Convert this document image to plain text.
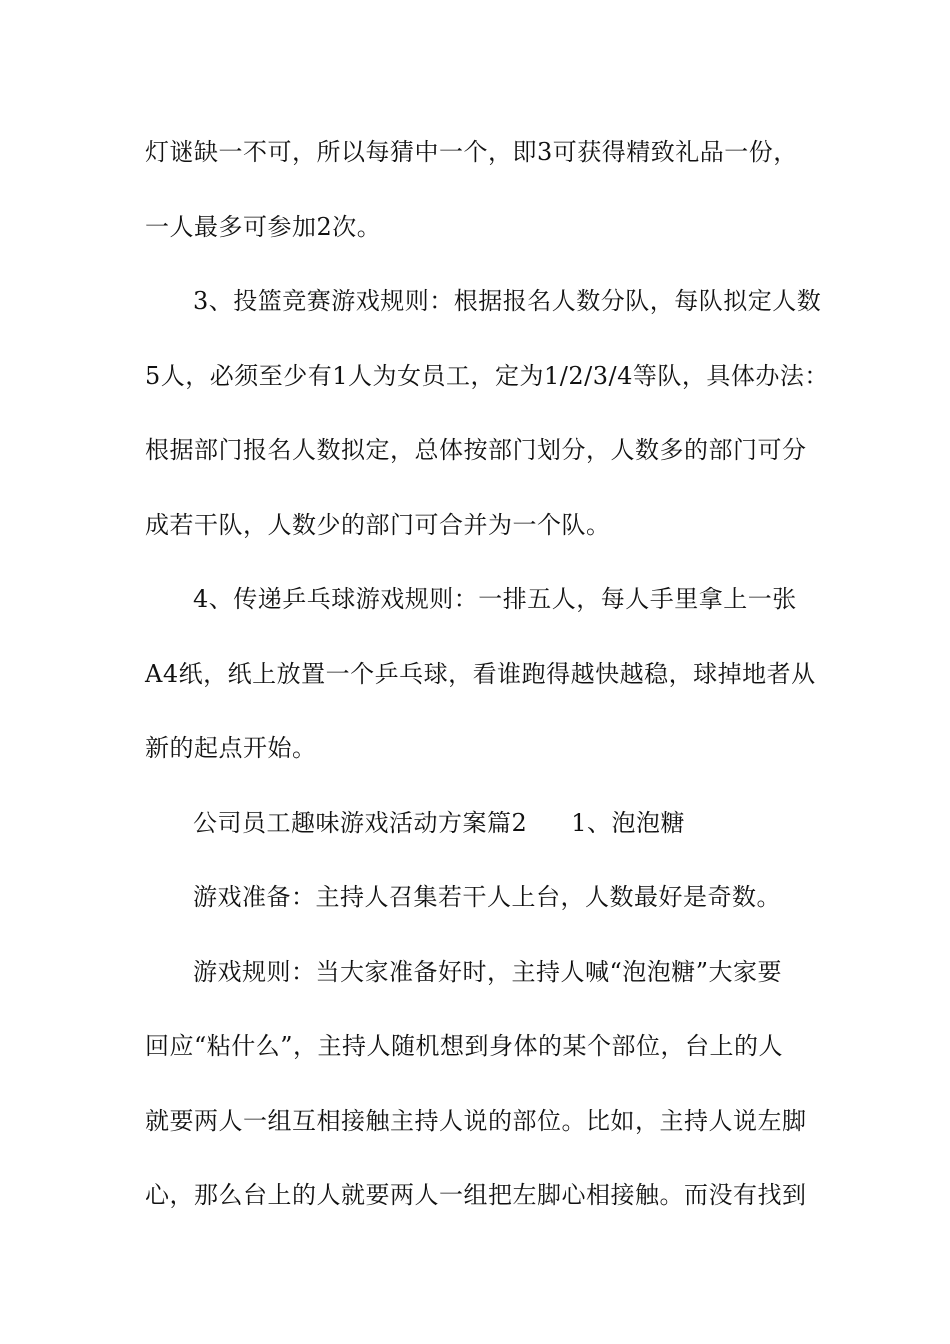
灯谜缺一不可，所以每猜中一个，即3可获得精致礼品一份，

一人最多可参加2次。

3、投篮竞赛游戏规则：根据报名人数分队，每队拟定人数

5人，必须至少有1人为女员工，定为1/2/3/4等队，具体办法：

根据部门报名人数拟定，总体按部门划分，人数多的部门可分

成若干队，人数少的部门可合并为一个队。

4、传递乒乓球游戏规则：一排五人，每人手里拿上一张

A4纸，纸上放置一个乒乓球，看谁跑得越快越稳，球掉地者从

新的起点开始。

公司员工趣味游戏活动方案篇2 1、泡泡糖

游戏准备：主持人召集若干人上台，人数最好是奇数。

游戏规则：当大家准备好时，主持人喊“泡泡糖”大家要

回应“粘什么”，主持人随机想到身体的某个部位，台上的人

就要两人一组互相接触主持人说的部位。比如，主持人说左脚

心，那么台上的人就要两人一组把左脚心相接触。而没有找到
